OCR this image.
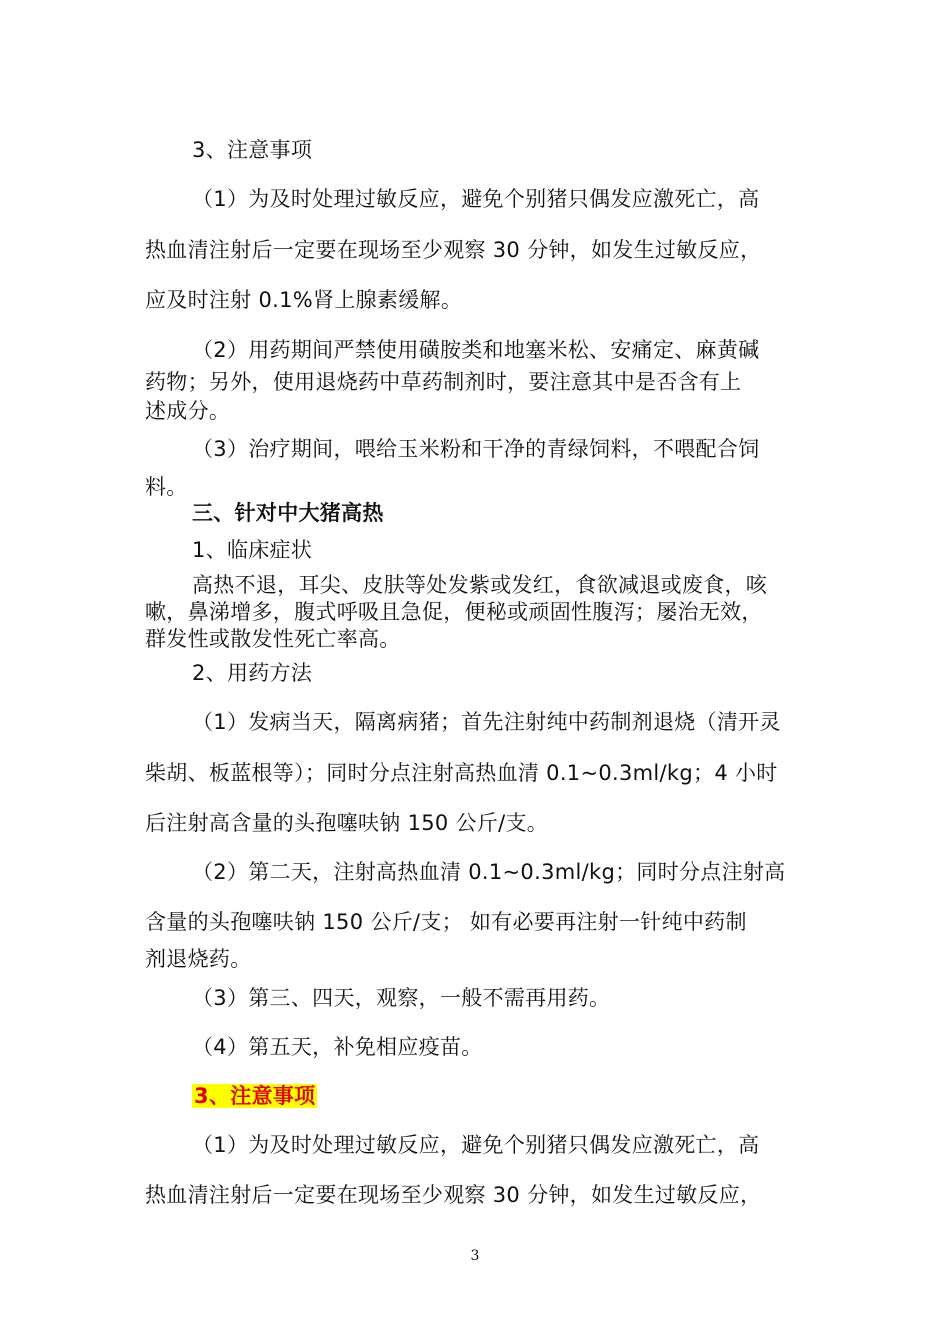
3、注意事项
（1）为及时处理过敏反应，避免个别猪只偶发应激死亡，高
热血清注射后一定要在现场至少观察 30 分钟，如发生过敏反应，
应及时注射 0.1%肾上腺素缓解。
（2）用药期间严禁使用磺胺类和地塞米松、安痛定、麻黄碱
药物；另外，使用退烧药中草药制剂时，要注意其中是否含有上
述成分。
（3）治疗期间，喂给玉米粉和干净的青绿饲料，不喂配合饲
料。
三、针对中大猪高热
1、临床症状
高热不退，耳尖、皮肤等处发紫或发红，食欲减退或废食，咳
嗽，鼻涕增多，腹式呼吸且急促，便秘或顽固性腹泻；屡治无效，
群发性或散发性死亡率高。
2、用药方法
（1）发病当天，隔离病猪；首先注射纯中药制剂退烧（清开灵
柴胡、板蓝根等）；同时分点注射高热血清 0.1~0.3ml/kg；4 小时
后注射高含量的头孢噻呋钠 150 公斤/支。
（2）第二天，注射高热血清 0.1~0.3ml/kg；同时分点注射高
含量的头孢噻呋钠 150 公斤/支； 如有必要再注射一针纯中药制
剂退烧药。
（3）第三、四天，观察，一般不需再用药。
（4）第五天，补免相应疫苗。
3、注意事项
（1）为及时处理过敏反应，避免个别猪只偶发应激死亡，高
热血清注射后一定要在现场至少观察 30 分钟，如发生过敏反应，
3
